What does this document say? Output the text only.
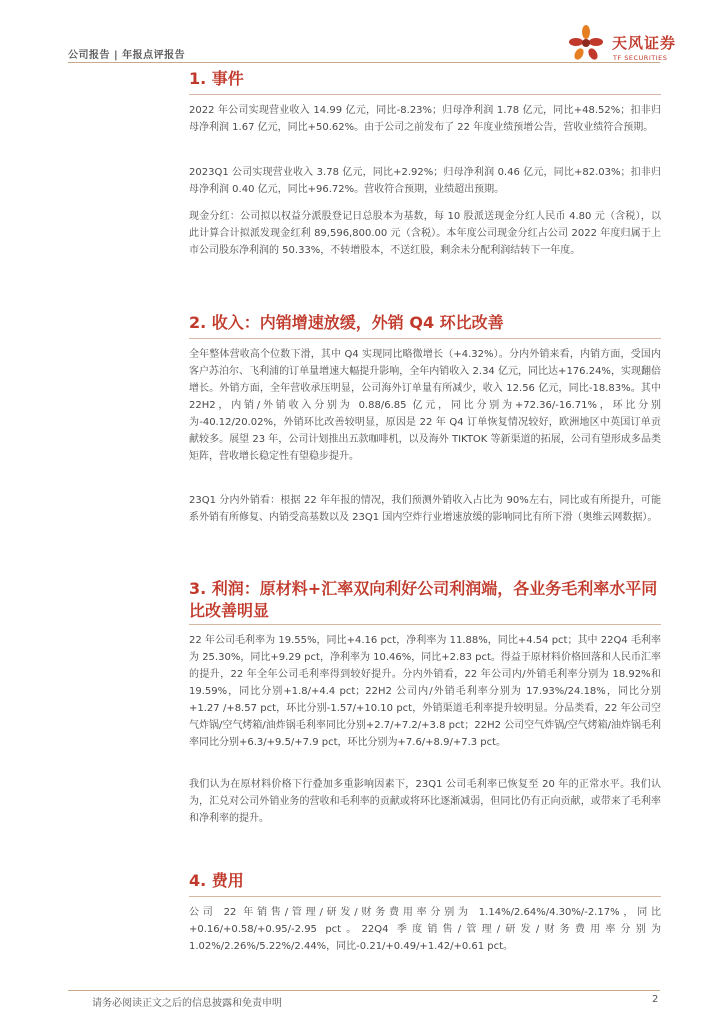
公司报告 | 年报点评报告
天风证券
TF SECURITIES
1. 事件

2022 年公司实现营业收入 14.99 亿元，同比-8.23%；归母净利润 1.78 亿元，同比+48.52%；扣非归母净利润 1.67 亿元，同比+50.62%。由于公司之前发布了 22 年度业绩预增公告，营收业绩符合预期。

2023Q1 公司实现营业收入 3.78 亿元，同比+2.92%；归母净利润 0.46 亿元，同比+82.03%；扣非归母净利润 0.40 亿元，同比+96.72%。营收符合预期，业绩超出预期。

现金分红：公司拟以权益分派股登记日总股本为基数，每 10 股派送现金分红人民币 4.80 元（含税），以此计算合计拟派发现金红利 89,596,800.00 元（含税）。本年度公司现金分红占公司 2022 年度归属于上市公司股东净利润的 50.33%，不转增股本，不送红股，剩余未分配利润结转下一年度。

2. 收入：内销增速放缓，外销 Q4 环比改善

全年整体营收高个位数下滑，其中 Q4 实现同比略微增长（+4.32%）。分内外销来看，内销方面，受国内客户苏泊尔、飞利浦的订单量增速大幅提升影响，全年内销收入 2.34 亿元，同比达+176.24%，实现翻倍增长。外销方面，全年营收承压明显，公司海外订单量有所减少，收入 12.56 亿元，同比-18.83%。其中 22H2，内销/外销收入分别为 0.88/6.85 亿元，同比分别为+72.36/-16.71%，环比分别为-40.12/20.02%，外销环比改善较明显，原因是 22 年 Q4 订单恢复情况较好，欧洲地区中英国订单贡献较多。展望 23 年，公司计划推出五款咖啡机，以及海外 TIKTOK 等新渠道的拓展，公司有望形成多品类矩阵，营收增长稳定性有望稳步提升。

23Q1 分内外销看：根据 22 年年报的情况，我们预测外销收入占比为 90%左右，同比或有所提升，可能系外销有所修复、内销受高基数以及 23Q1 国内空炸行业增速放缓的影响同比有所下滑（奥维云网数据）。

3. 利润：原材料+汇率双向利好公司利润端，各业务毛利率水平同比改善明显

22 年公司毛利率为 19.55%，同比+4.16 pct，净利率为 11.88%，同比+4.54 pct；其中 22Q4 毛利率为 25.30%，同比+9.29 pct，净利率为 10.46%，同比+2.83 pct。得益于原材料价格回落和人民币汇率的提升，22 年全年公司毛利率得到较好提升。分内外销看，22 年公司内/外销毛利率分别为 18.92%和 19.59%，同比分别+1.8/+4.4 pct；22H2 公司内/外销毛利率分别为 17.93%/24.18%，同比分别+1.27 /+8.57 pct，环比分别-1.57/+10.10 pct，外销渠道毛利率提升较明显。分品类看，22 年公司空气炸锅/空气烤箱/油炸锅毛利率同比分别+2.7/+7.2/+3.8 pct；22H2 公司空气炸锅/空气烤箱/油炸锅毛利率同比分别+6.3/+9.5/+7.9 pct，环比分别为+7.6/+8.9/+7.3 pct。

我们认为在原材料价格下行叠加多重影响因素下，23Q1 公司毛利率已恢复至 20 年的正常水平。我们认为，汇兑对公司外销业务的营收和毛利率的贡献或将环比逐渐减弱，但同比仍有正向贡献，或带来了毛利率和净利率的提升。

4. 费用

公司 22 年销售/管理/研发/财务费用率分别为 1.14%/2.64%/4.30%/-2.17%，同比+0.16/+0.58/+0.95/-2.95 pct。22Q4 季度销售/管理/研发/财务费用率分别为 1.02%/2.26%/5.22%/2.44%，同比-0.21/+0.49/+1.42/+0.61 pct。

请务必阅读正文之后的信息披露和免责申明	2
